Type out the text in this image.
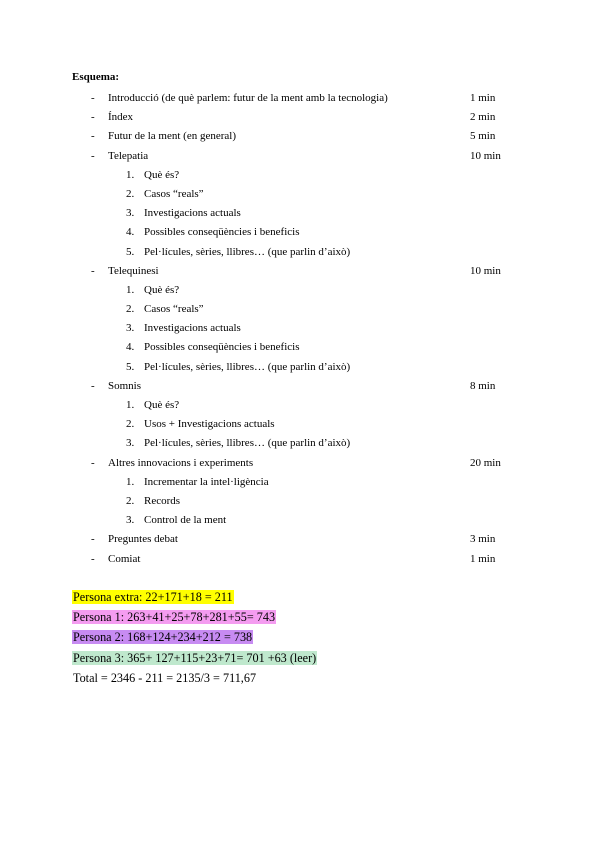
Esquema:
- Introducció (de què parlem: futur de la ment amb la tecnologia)	1 min
- Índex	2 min
- Futur de la ment (en general)	5 min
- Telepatia	10 min
1. Què és?
2. Casos “reals”
3. Investigacions actuals
4. Possibles conseqüències i beneficis
5. Pel·lícules, sèries, llibres… (que parlin d’això)
- Telequinesi	10 min
1. Què és?
2. Casos “reals”
3. Investigacions actuals
4. Possibles conseqüències i beneficis
5. Pel·lícules, sèries, llibres… (que parlin d’això)
- Somnis	8 min
1. Què és?
2. Usos + Investigacions actuals
3. Pel·lícules, sèries, llibres… (que parlin d’això)
- Altres innovacions i experiments	20 min
1. Incrementar la intel·ligència
2. Records
3. Control de la ment
- Preguntes debat	3 min
- Comiat	1 min
Persona extra: 22+171+18 = 211
Persona 1: 263+41+25+78+281+55= 743
Persona 2: 168+124+234+212 = 738
Persona 3: 365+ 127+115+23+71= 701 +63 (leer)
Total = 2346 - 211 = 2135/3 = 711,67
